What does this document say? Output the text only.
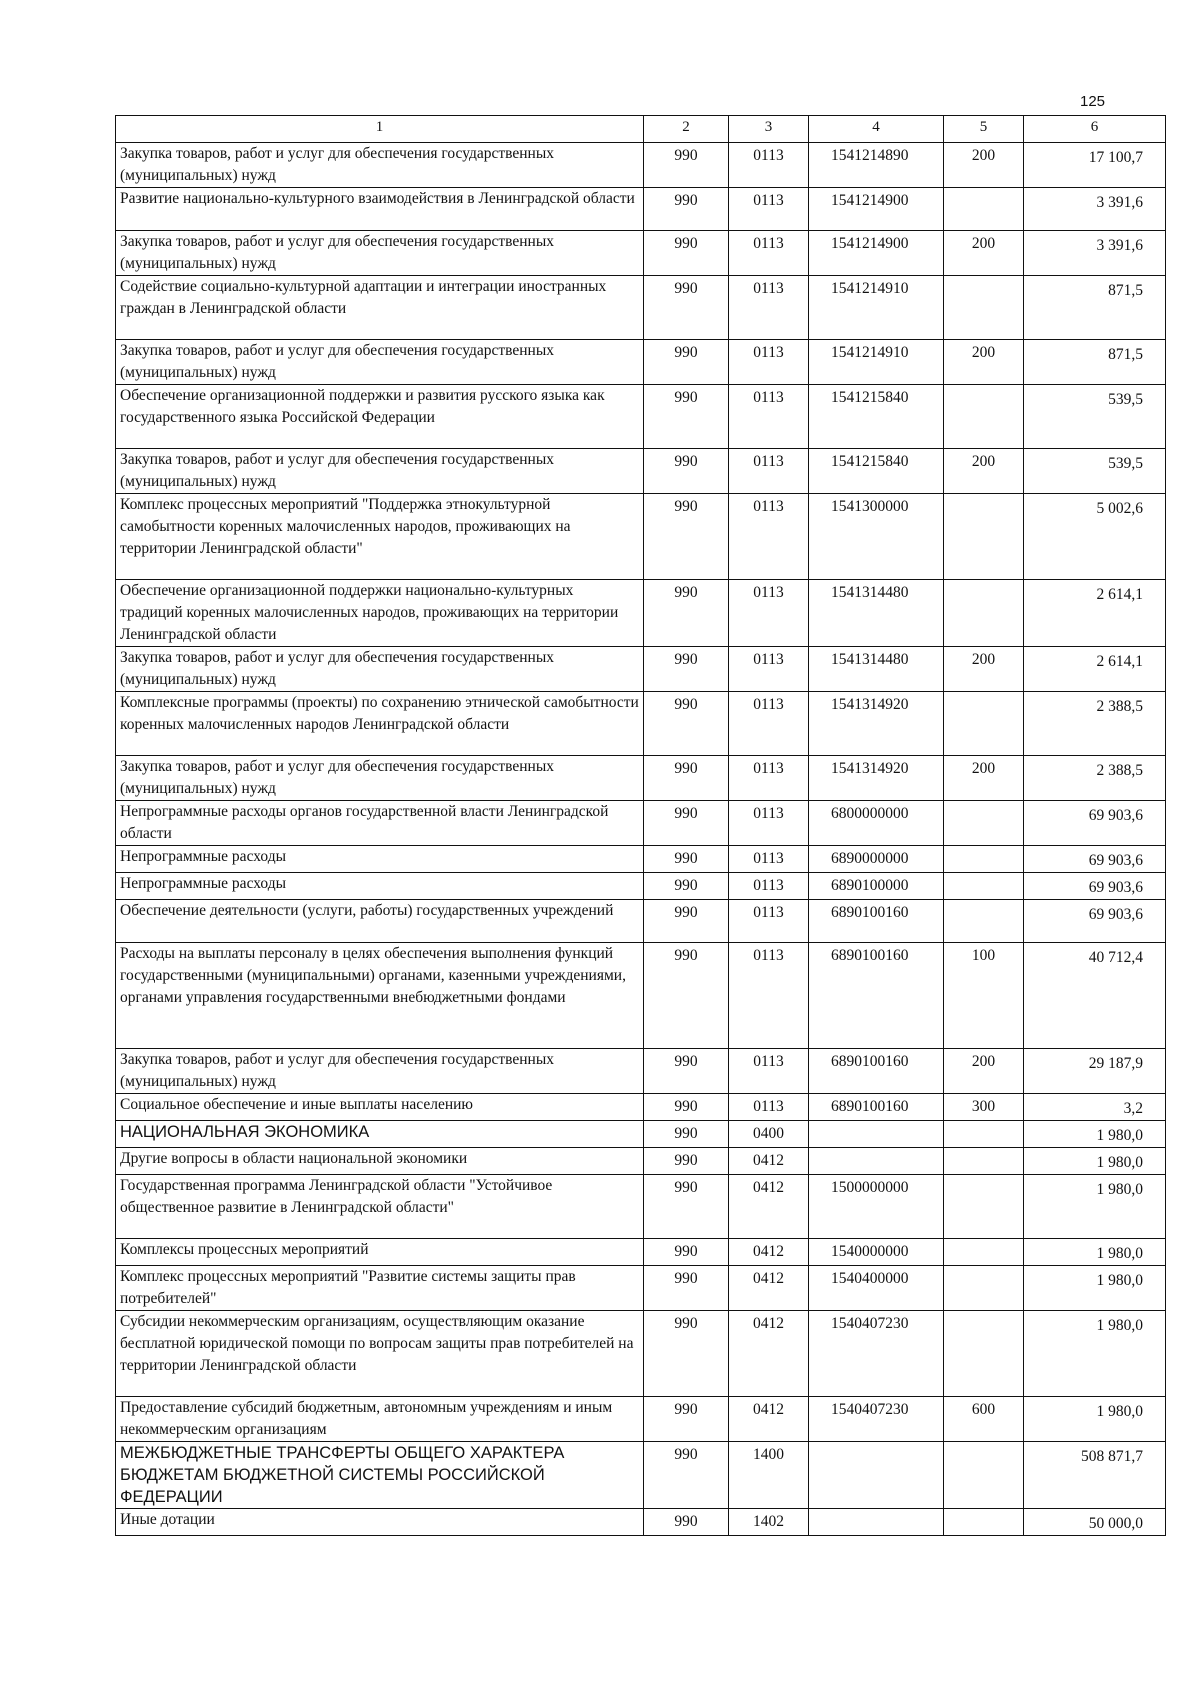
125
1	2	3	4	5	6
Закупка товаров, работ и услуг для обеспечения государственных (муниципальных) нужд	990	0113	1541214890	200	17 100,7
Развитие национально-культурного взаимодействия в Ленинградской области	990	0113	1541214900		3 391,6
Закупка товаров, работ и услуг для обеспечения государственных (муниципальных) нужд	990	0113	1541214900	200	3 391,6
Содействие социально-культурной адаптации и интеграции иностранных граждан в Ленинградской области	990	0113	1541214910		871,5
Закупка товаров, работ и услуг для обеспечения государственных (муниципальных) нужд	990	0113	1541214910	200	871,5
Обеспечение организационной поддержки и развития русского языка как государственного языка Российской Федерации	990	0113	1541215840		539,5
Закупка товаров, работ и услуг для обеспечения государственных (муниципальных) нужд	990	0113	1541215840	200	539,5
Комплекс процессных мероприятий "Поддержка этнокультурной самобытности коренных малочисленных народов, проживающих на территории Ленинградской области"	990	0113	1541300000		5 002,6
Обеспечение организационной поддержки национально-культурных традиций коренных малочисленных народов, проживающих на территории Ленинградской области	990	0113	1541314480		2 614,1
Закупка товаров, работ и услуг для обеспечения государственных (муниципальных) нужд	990	0113	1541314480	200	2 614,1
Комплексные программы (проекты) по сохранению этнической самобытности коренных малочисленных народов Ленинградской области	990	0113	1541314920		2 388,5
Закупка товаров, работ и услуг для обеспечения государственных (муниципальных) нужд	990	0113	1541314920	200	2 388,5
Непрограммные расходы органов государственной власти Ленинградской области	990	0113	6800000000		69 903,6
Непрограммные расходы	990	0113	6890000000		69 903,6
Непрограммные расходы	990	0113	6890100000		69 903,6
Обеспечение деятельности (услуги, работы) государственных учреждений	990	0113	6890100160		69 903,6
Расходы на выплаты персоналу в целях обеспечения выполнения функций государственными (муниципальными) органами, казенными учреждениями, органами управления государственными внебюджетными фондами	990	0113	6890100160	100	40 712,4
Закупка товаров, работ и услуг для обеспечения государственных (муниципальных) нужд	990	0113	6890100160	200	29 187,9
Социальное обеспечение и иные выплаты населению	990	0113	6890100160	300	3,2
НАЦИОНАЛЬНАЯ ЭКОНОМИКА	990	0400			1 980,0
Другие вопросы в области национальной экономики	990	0412			1 980,0
Государственная программа Ленинградской области "Устойчивое общественное развитие в Ленинградской области"	990	0412	1500000000		1 980,0
Комплексы процессных мероприятий	990	0412	1540000000		1 980,0
Комплекс процессных мероприятий "Развитие системы защиты прав потребителей"	990	0412	1540400000		1 980,0
Субсидии некоммерческим организациям, осуществляющим оказание бесплатной юридической помощи по вопросам защиты прав потребителей на территории Ленинградской области	990	0412	1540407230		1 980,0
Предоставление субсидий бюджетным, автономным учреждениям и иным некоммерческим организациям	990	0412	1540407230	600	1 980,0
МЕЖБЮДЖЕТНЫЕ ТРАНСФЕРТЫ ОБЩЕГО ХАРАКТЕРА БЮДЖЕТАМ БЮДЖЕТНОЙ СИСТЕМЫ РОССИЙСКОЙ ФЕДЕРАЦИИ	990	1400			508 871,7
Иные дотации	990	1402			50 000,0
